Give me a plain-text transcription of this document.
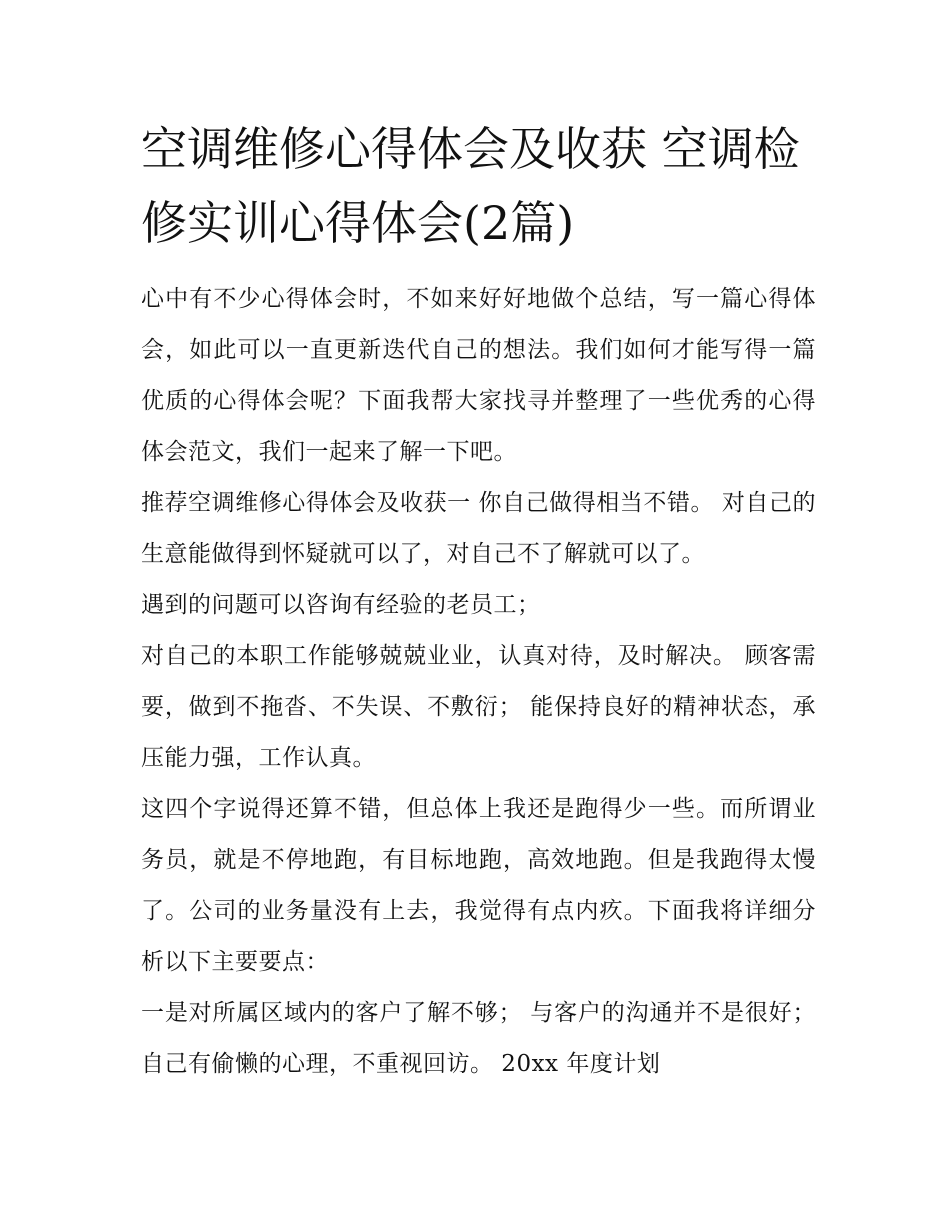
空调维修心得体会及收获 空调检修实训心得体会(2篇)

心中有不少心得体会时，不如来好好地做个总结，写一篇心得体会，如此可以一直更新迭代自己的想法。我们如何才能写得一篇优质的心得体会呢？下面我帮大家找寻并整理了一些优秀的心得体会范文，我们一起来了解一下吧。

推荐空调维修心得体会及收获一 你自己做得相当不错。 对自己的生意能做得到怀疑就可以了，对自己不了解就可以了。

遇到的问题可以咨询有经验的老员工；

对自己的本职工作能够兢兢业业，认真对待，及时解决。 顾客需要，做到不拖沓、不失误、不敷衍； 能保持良好的精神状态，承压能力强，工作认真。

这四个字说得还算不错，但总体上我还是跑得少一些。而所谓业务员，就是不停地跑，有目标地跑，高效地跑。但是我跑得太慢了。公司的业务量没有上去，我觉得有点内疚。下面我将详细分析以下主要要点：

一是对所属区域内的客户了解不够； 与客户的沟通并不是很好； 自己有偷懒的心理，不重视回访。 20xx 年度计划
